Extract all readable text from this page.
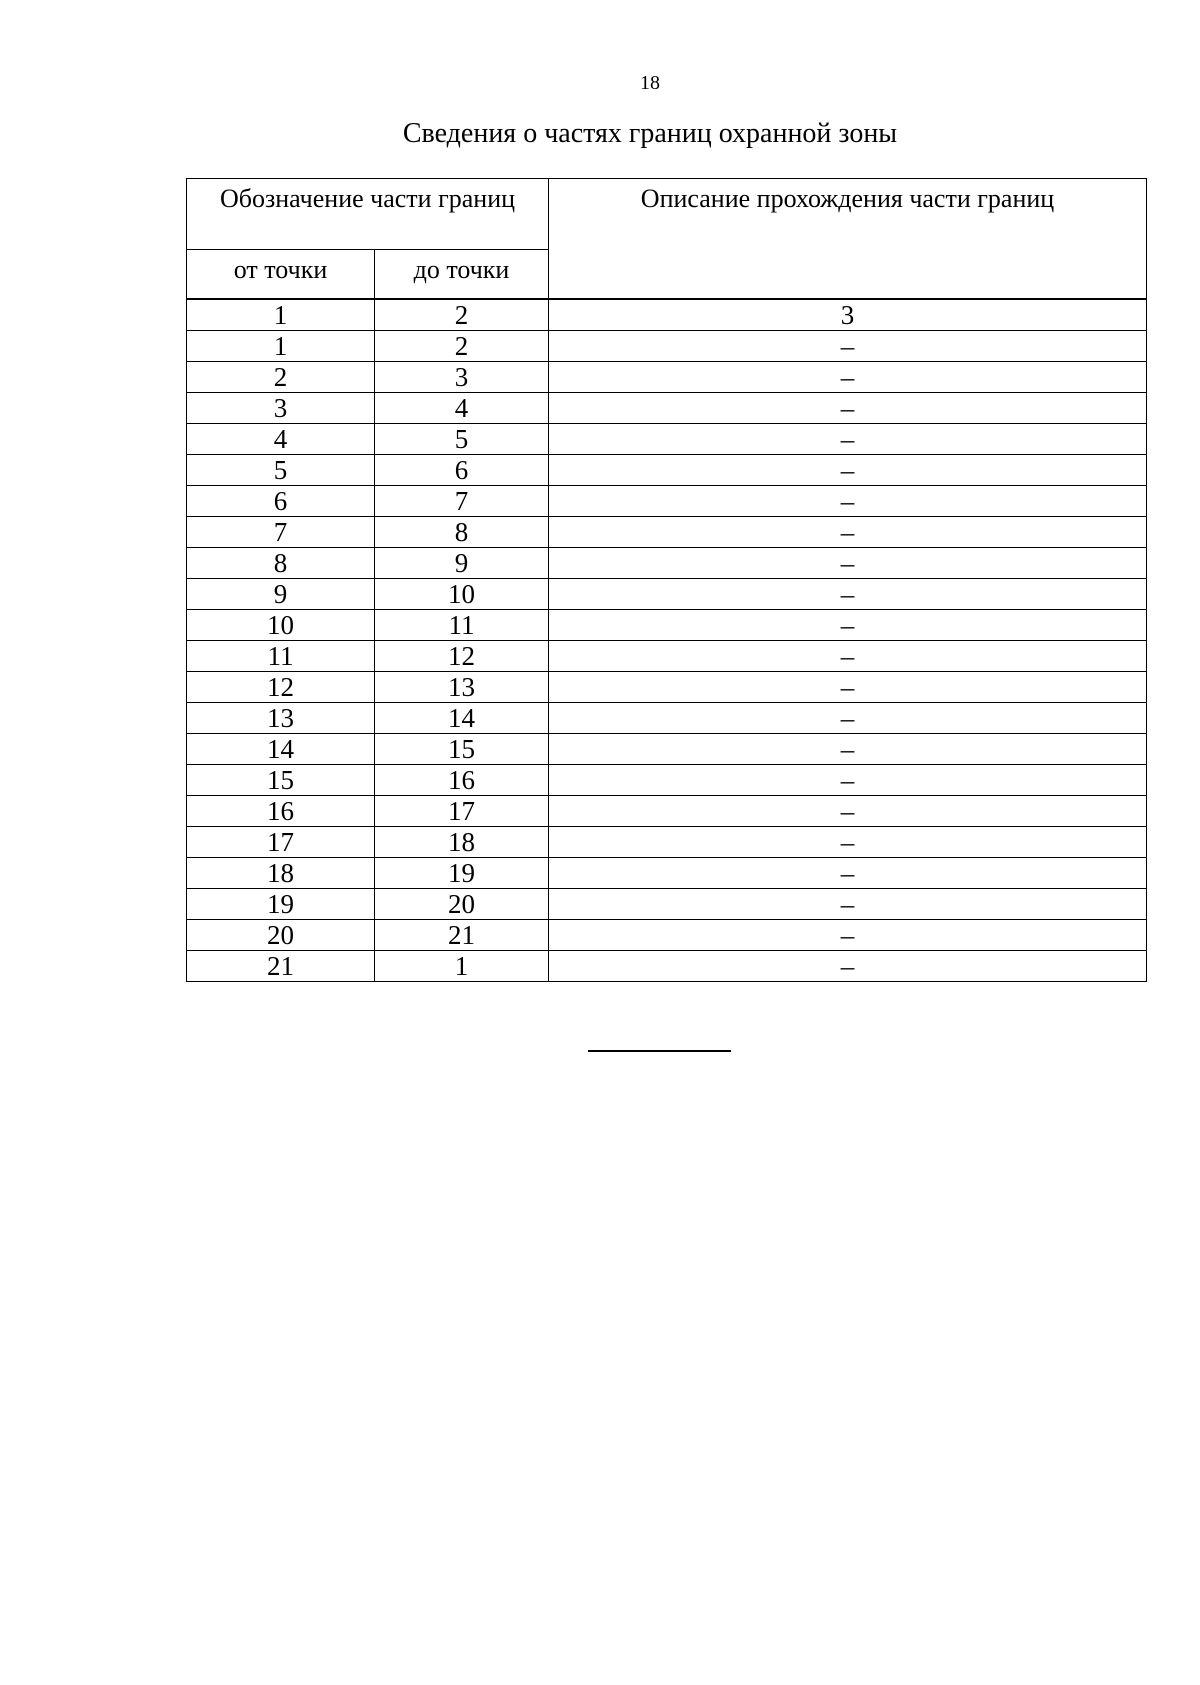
18
Сведения о частях границ охранной зоны
Обозначение части границ		Описание прохождения части границ
от точки	до точки	
1	2	3
1	2	–
2	3	–
3	4	–
4	5	–
5	6	–
6	7	–
7	8	–
8	9	–
9	10	–
10	11	–
11	12	–
12	13	–
13	14	–
14	15	–
15	16	–
16	17	–
17	18	–
18	19	–
19	20	–
20	21	–
21	1	–
